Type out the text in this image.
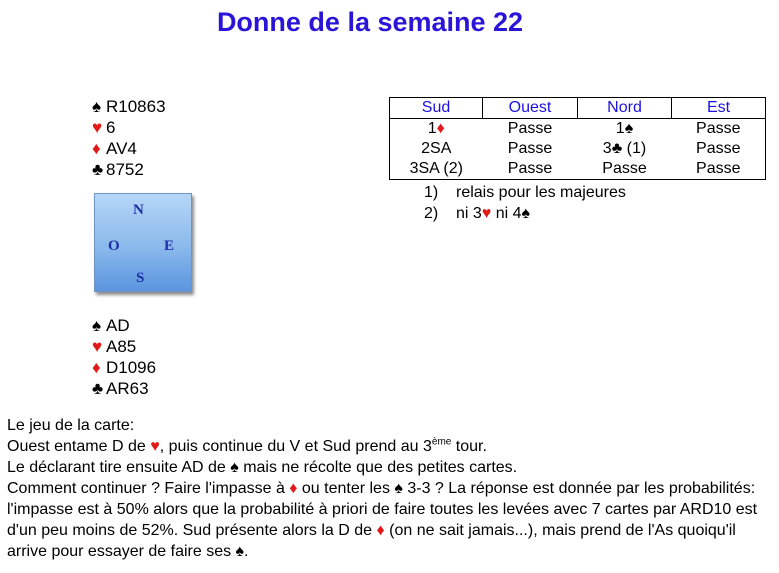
Donne de la semaine 22
♠ R10863
♥ 6
♦ AV4
♣ 8752
N
O	E
S
♠ AD
♥ A85
♦ D1096
♣ AR63
Sud	Ouest	Nord	Est
1♦	Passe	1♠	Passe
2SA	Passe	3♣ (1)	Passe
3SA (2)	Passe	Passe	Passe
1) relais pour les majeures
2) ni 3♥ ni 4♠

Le jeu de la carte:

Ouest entame D de ♥, puis continue du V et Sud prend au 3ème tour.

Le déclarant tire ensuite AD de ♠ mais ne récolte que des petites cartes.

Comment continuer ? Faire l'impasse à ♦ ou tenter les ♠ 3-3 ? La réponse est donnée par les probabilités: l'impasse est à 50% alors que la probabilité à priori de faire toutes les levées avec 7 cartes par ARD10 est d'un peu moins de 52%. Sud présente alors la D de ♦ (on ne sait jamais...), mais prend de l'As quoiqu'il arrive pour essayer de faire ses ♠.
